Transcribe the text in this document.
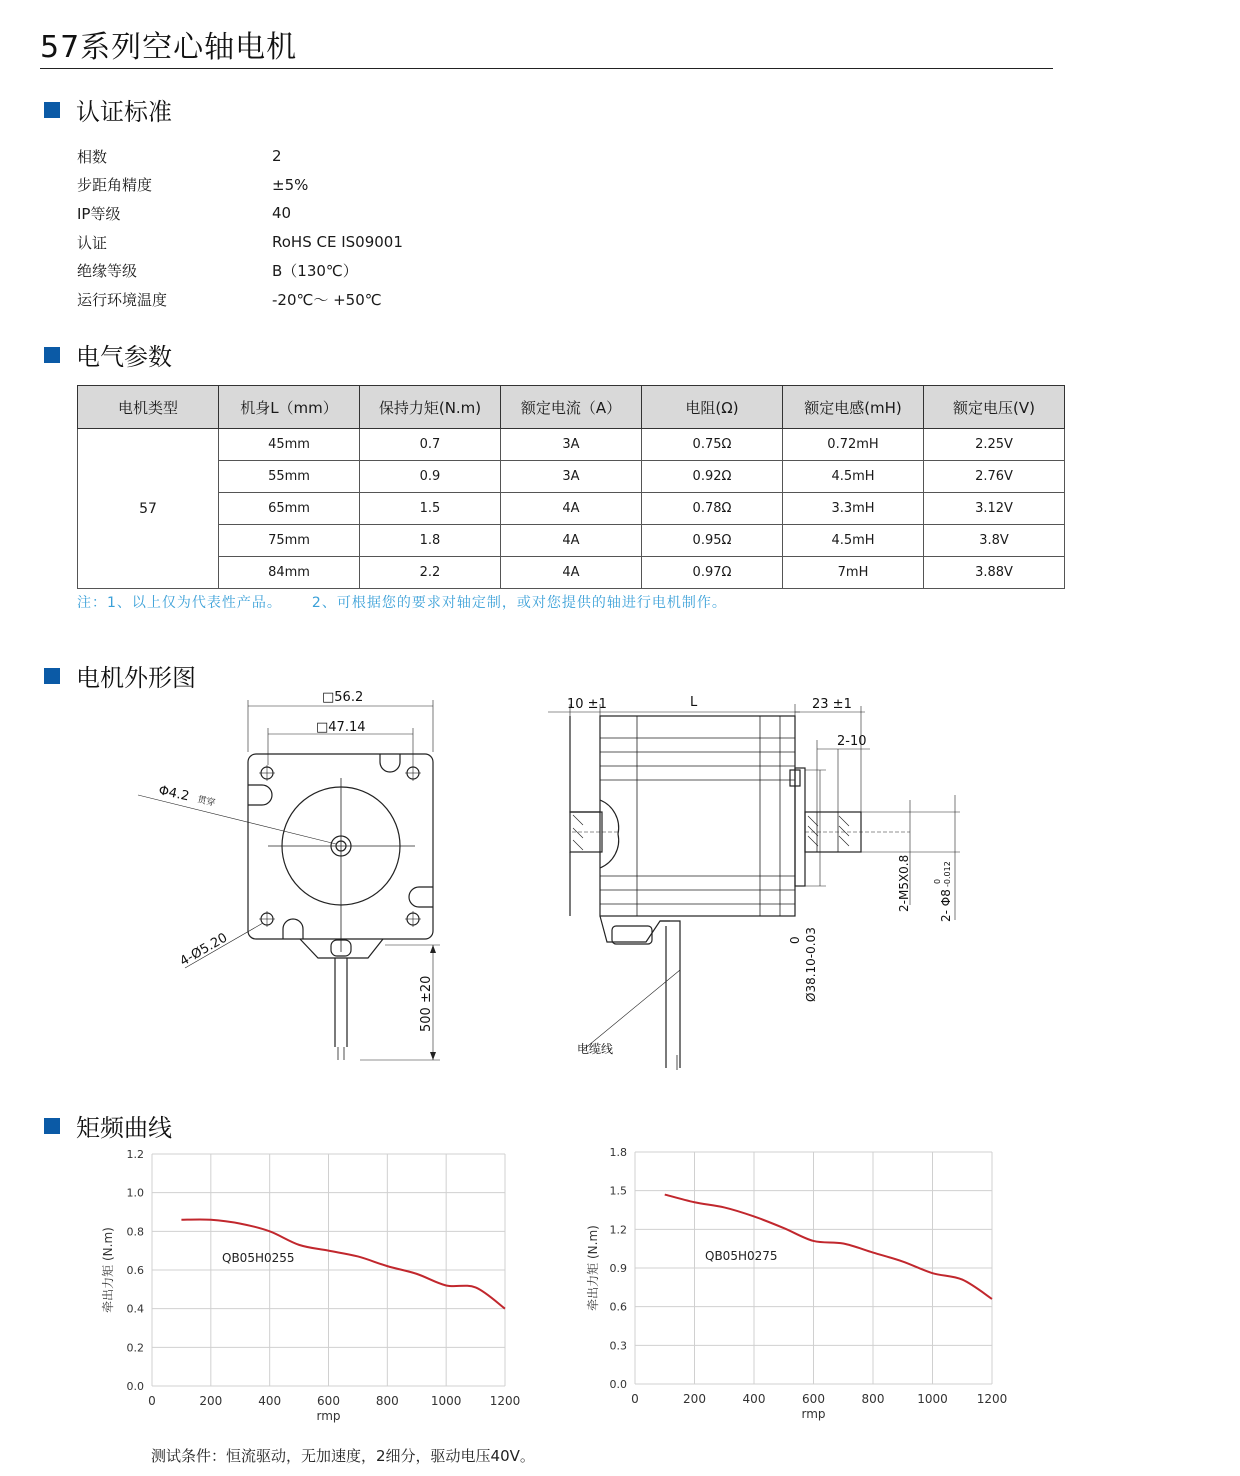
57系列空心轴电机
认证标准
相数	2
步距角精度	±5%
IP等级	40
认证	RoHS CE IS09001
绝缘等级	B（130℃）
运行环境温度	-20℃～ +50℃
电气参数
电机类型	机身L（mm）	保持力矩(N.m)	额定电流（A）	电阻(Ω)	额定电感(mH)	额定电压(V)
57	45mm	0.7	3A	0.75Ω	0.72mH	2.25V
	55mm	0.9	3A	0.92Ω	4.5mH	2.76V
	65mm	1.5	4A	0.78Ω	3.3mH	3.12V
	75mm	1.8	4A	0.95Ω	4.5mH	3.8V
	84mm	2.2	4A	0.97Ω	7mH	3.88V
注：1、以上仅为代表性产品。 2、可根据您的要求对轴定制，或对您提供的轴进行电机制作。
电机外形图
□56.2
□47.14
Φ4.2 贯穿
4-Ø5.20
500 ±20
10 ±1	L	23 ±1
2-10
2-M5X0.8
0 Ø38.10-0.03
2- Φ8
0 -0.012
电缆线
矩频曲线
0	200	400	600	800	1000 1200
0.0
0.2
0.4
0.6
0.8
1.0
1.2
rmp
牵出力矩 (N.m)	QB05H0255
0	200	400	600	800	1000 1200
0.0
0.3
0.6
0.9
1.2
1.5
1.8
rmp
牵出力矩 (N.m)	QB05H0275
测试条件：恒流驱动，无加速度，2细分，驱动电压40V。
